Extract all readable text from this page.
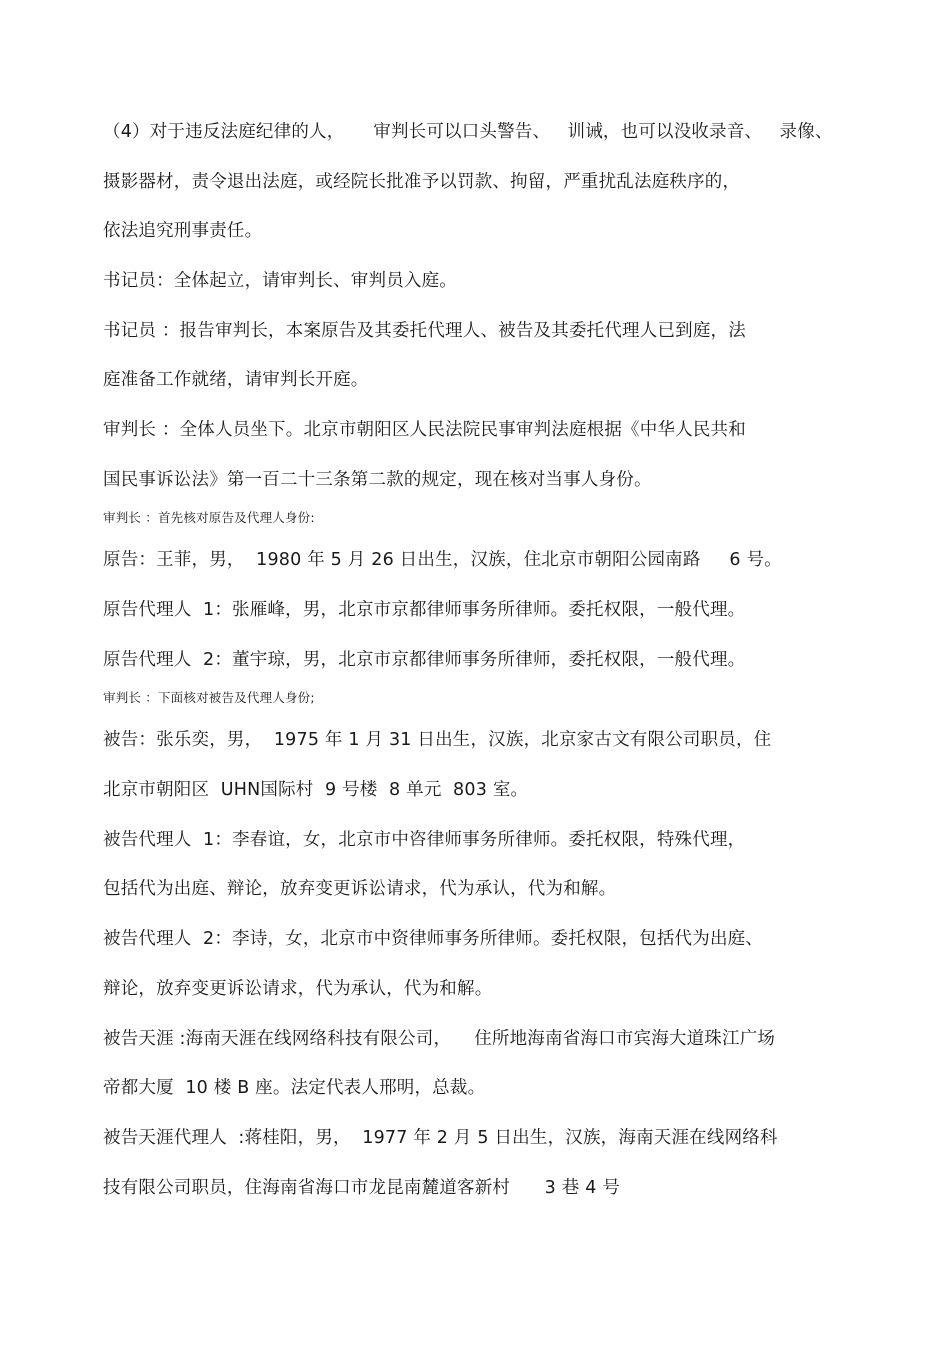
（4）对于违反法庭纪律的人，     审判长可以口头警告、   训诫，也可以没收录音、   录像、
摄影器材，责令退出法庭，或经院长批准予以罚款、拘留，严重扰乱法庭秩序的，
依法追究刑事责任。
书记员：全体起立，请审判长、审判员入庭。
书记员 ：报告审判长，本案原告及其委托代理人、被告及其委托代理人已到庭，法
庭准备工作就绪，请审判长开庭。
审判长 ：全体人员坐下。北京市朝阳区人民法院民事审判法庭根据《中华人民共和
国民事诉讼法》第一百二十三条第二款的规定，现在核对当事人身份。
审判长 ：首先核对原告及代理人身份:
原告：王菲，男，  1980 年 5 月 26 日出生，汉族，住北京市朝阳公园南路     6 号。
原告代理人  1：张雁峰，男，北京市京都律师事务所律师。委托权限，一般代理。
原告代理人  2：董宇琼，男，北京市京都律师事务所律师，委托权限，一般代理。
审判长 ：下面核对被告及代理人身份;
被告：张乐奕，男，  1975 年 1 月 31 日出生，汉族，北京家古文有限公司职员，住
北京市朝阳区  UHN国际村  9 号楼  8 单元  803 室。
被告代理人  1：李春谊，女，北京市中咨律师事务所律师。委托权限，特殊代理，
包括代为出庭、辩论，放弃变更诉讼请求，代为承认，代为和解。
被告代理人  2：李诗，女，北京市中资律师事务所律师。委托权限，包括代为出庭、
辩论，放弃变更诉讼请求，代为承认，代为和解。
被告天涯 :海南天涯在线网络科技有限公司，    住所地海南省海口市宾海大道珠江广场
帝都大厦  10 楼 B 座。法定代表人邢明，总裁。
被告天涯代理人  :蒋桂阳，男，  1977 年 2 月 5 日出生，汉族，海南天涯在线网络科
技有限公司职员，住海南省海口市龙昆南麓道客新村      3 巷 4 号
